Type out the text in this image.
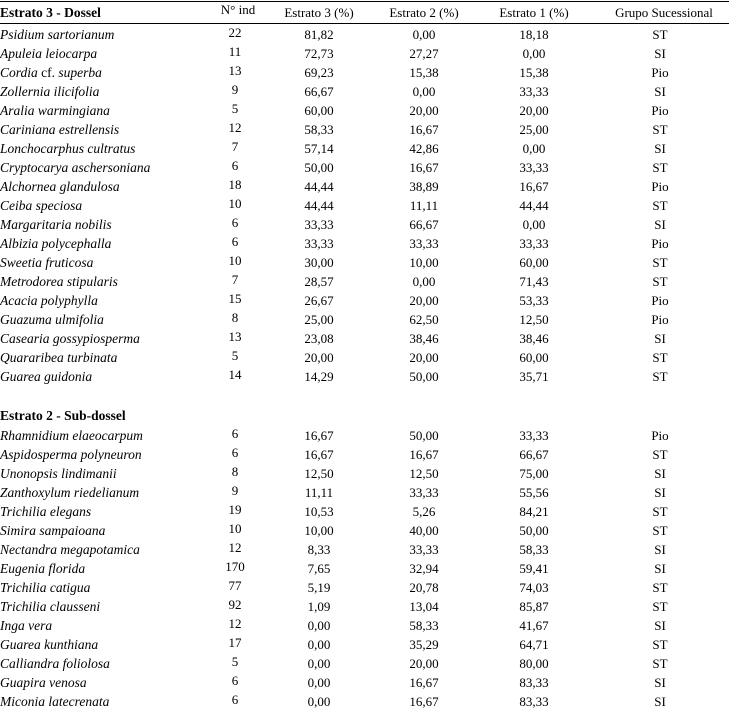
Estrato 3 - Dossel	N° ind	Estrato 3 (%)	Estrato 2 (%)	Estrato 1 (%)	Grupo Sucessional
Estrato 2 - Sub-dossel
Psidium sartorianum	22	81,82	0,00	18,18	ST
Apuleia leiocarpa	11	72,73	27,27	0,00	SI
Cordia cf. superba	13	69,23	15,38	15,38	Pio
Zollernia ilicifolia	9	66,67	0,00	33,33	SI
Aralia warmingiana	5	60,00	20,00	20,00	Pio
Cariniana estrellensis	12	58,33	16,67	25,00	ST
Lonchocarphus cultratus	7	57,14	42,86	0,00	SI
Cryptocarya aschersoniana	6	50,00	16,67	33,33	ST
Alchornea glandulosa	18	44,44	38,89	16,67	Pio
Ceiba speciosa	10	44,44	11,11	44,44	ST
Margaritaria nobilis	6	33,33	66,67	0,00	SI
Albizia polycephalla	6	33,33	33,33	33,33	Pio
Sweetia fruticosa	10	30,00	10,00	60,00	ST
Metrodorea stipularis	7	28,57	0,00	71,43	ST
Acacia polyphylla	15	26,67	20,00	53,33	Pio
Guazuma ulmifolia	8	25,00	62,50	12,50	Pio
Casearia gossypiosperma	13	23,08	38,46	38,46	SI
Quararibea turbinata	5	20,00	20,00	60,00	ST
Guarea guidonia	14	14,29	50,00	35,71	ST
Rhamnidium elaeocarpum	6	16,67	50,00	33,33	Pio
Aspidosperma polyneuron	6	16,67	16,67	66,67	ST
Unonopsis lindimanii	8	12,50	12,50	75,00	SI
Zanthoxylum riedelianum	9	11,11	33,33	55,56	SI
Trichilia elegans	19	10,53	5,26	84,21	ST
Simira sampaioana	10	10,00	40,00	50,00	ST
Nectandra megapotamica	12	8,33	33,33	58,33	SI
Eugenia florida	170	7,65	32,94	59,41	SI
Trichilia catigua	77	5,19	20,78	74,03	ST
Trichilia clausseni	92	1,09	13,04	85,87	ST
Inga vera	12	0,00	58,33	41,67	SI
Guarea kunthiana	17	0,00	35,29	64,71	ST
Calliandra foliolosa	5	0,00	20,00	80,00	ST
Guapira venosa	6	0,00	16,67	83,33	SI
Miconia latecrenata	6	0,00	16,67	83,33	SI
